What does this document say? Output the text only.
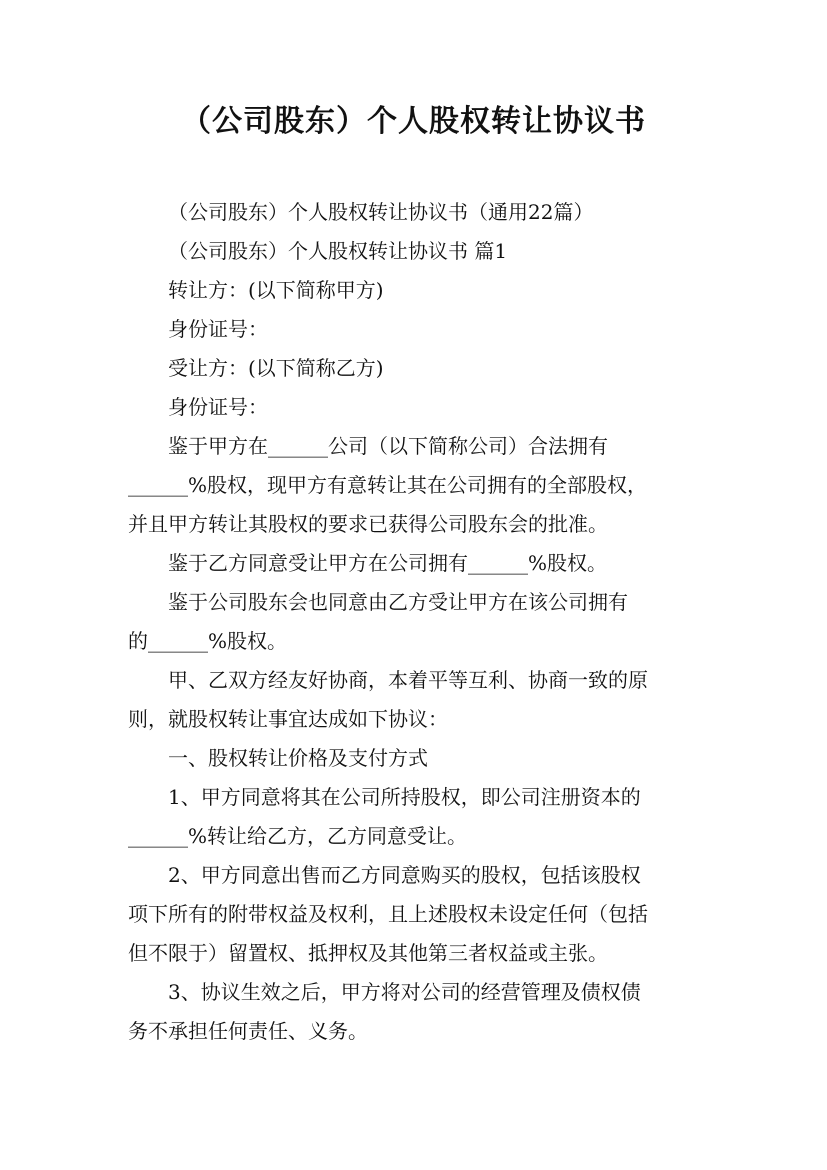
（公司股东）个人股权转让协议书
（公司股东）个人股权转让协议书（通用22篇）
（公司股东）个人股权转让协议书 篇1
转让方：(以下简称甲方)
身份证号：
受让方：(以下简称乙方)
身份证号：
鉴于甲方在______公司（以下简称公司）合法拥有
______%股权，现甲方有意转让其在公司拥有的全部股权，
并且甲方转让其股权的要求已获得公司股东会的批准。
鉴于乙方同意受让甲方在公司拥有______%股权。
鉴于公司股东会也同意由乙方受让甲方在该公司拥有
的______%股权。
甲、乙双方经友好协商，本着平等互利、协商一致的原
则，就股权转让事宜达成如下协议：
一、股权转让价格及支付方式
1、甲方同意将其在公司所持股权，即公司注册资本的
______%转让给乙方，乙方同意受让。
2、甲方同意出售而乙方同意购买的股权，包括该股权
项下所有的附带权益及权利，且上述股权未设定任何（包括
但不限于）留置权、抵押权及其他第三者权益或主张。
3、协议生效之后，甲方将对公司的经营管理及债权债
务不承担任何责任、义务。
